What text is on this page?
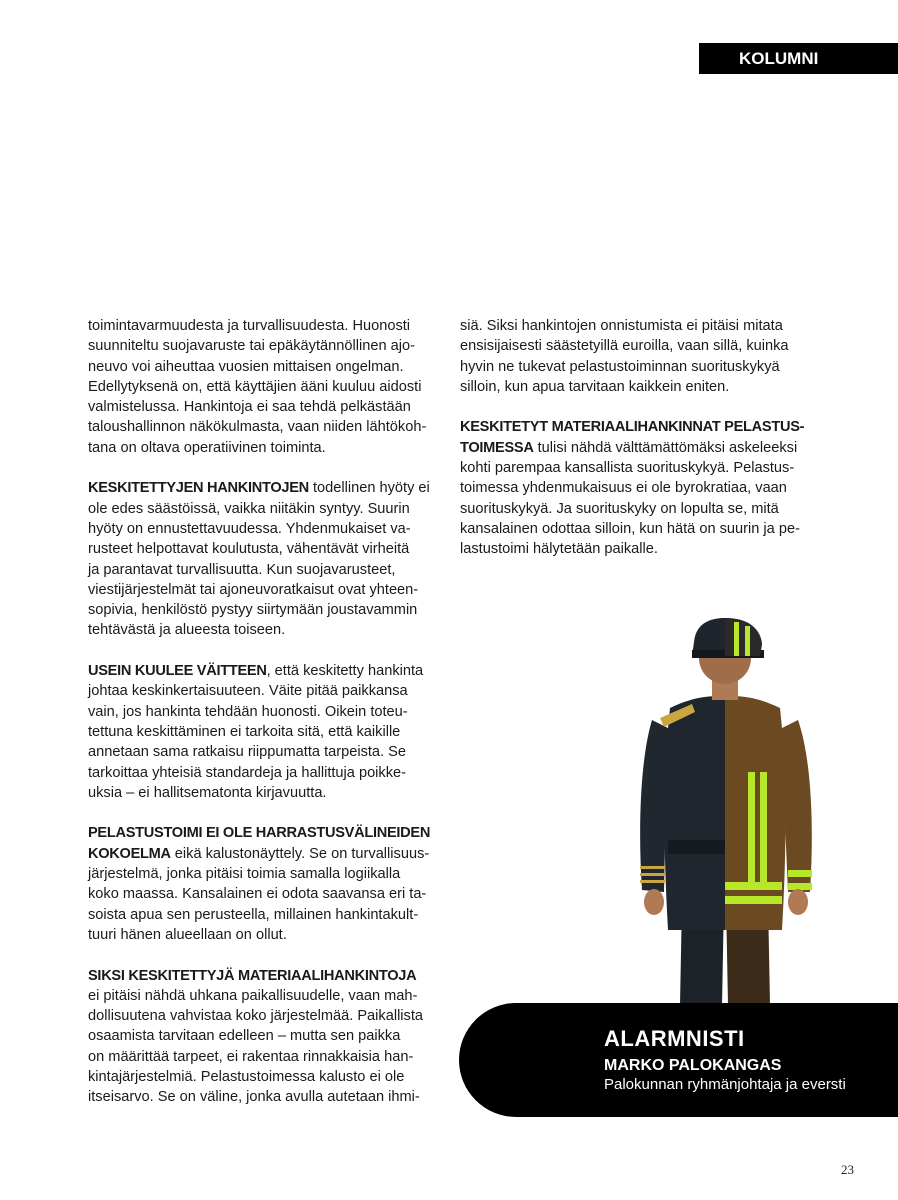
KOLUMNI

toimintavarmuudesta ja turvallisuudesta. Huonosti
suunniteltu suojavaruste tai epäkäytännöllinen ajo-
neuvo voi aiheuttaa vuosien mittaisen ongelman.
Edellytyksenä on, että käyttäjien ääni kuuluu aidosti
valmistelussa. Hankintoja ei saa tehdä pelkästään
taloushallinnon näkökulmasta, vaan niiden lähtökoh-
tana on oltava operatiivinen toiminta.

KESKITETTYJEN HANKINTOJEN todellinen hyöty ei
ole edes säästöissä, vaikka niitäkin syntyy. Suurin
hyöty on ennustettavuudessa. Yhdenmukaiset va-
rusteet helpottavat koulutusta, vähentävät virheitä
ja parantavat turvallisuutta. Kun suojavarusteet,
viestijärjestelmät tai ajoneuvoratkaisut ovat yhteen-
sopivia, henkilöstö pystyy siirtymään joustavammin
tehtävästä ja alueesta toiseen.

USEIN KUULEE VÄITTEEN, että keskitetty hankinta
johtaa keskinkertaisuuteen. Väite pitää paikkansa
vain, jos hankinta tehdään huonosti. Oikein toteu-
tettuna keskittäminen ei tarkoita sitä, että kaikille
annetaan sama ratkaisu riippumatta tarpeista. Se
tarkoittaa yhteisiä standardeja ja hallittuja poikke-
uksia – ei hallitsematonta kirjavuutta.

PELASTUSTOIMI EI OLE HARRASTUSVÄLINEIDEN
KOKOELMA eikä kalustonäyttely. Se on turvallisuus-
järjestelmä, jonka pitäisi toimia samalla logiikalla
koko maassa. Kansalainen ei odota saavansa eri ta-
soista apua sen perusteella, millainen hankintakult-
tuuri hänen alueellaan on ollut.

SIKSI KESKITETTYJÄ MATERIAALIHANKINTOJA
ei pitäisi nähdä uhkana paikallisuudelle, vaan mah-
dollisuutena vahvistaa koko järjestelmää. Paikallista
osaamista tarvitaan edelleen – mutta sen paikka
on määrittää tarpeet, ei rakentaa rinnakkaisia han-
kintajärjestelmiä. Pelastustoimessa kalusto ei ole
itseisarvo. Se on väline, jonka avulla autetaan ihmi-

siä. Siksi hankintojen onnistumista ei pitäisi mitata
ensisijaisesti säästetyillä euroilla, vaan sillä, kuinka
hyvin ne tukevat pelastustoiminnan suorituskykyä
silloin, kun apua tarvitaan kaikkein eniten.

KESKITETYT MATERIAALIHANKINNAT PELASTUS-
TOIMESSA tulisi nähdä välttämättömäksi askeleeksi
kohti parempaa kansallista suorituskykyä. Pelastus-
toimessa yhdenmukaisuus ei ole byrokratiaa, vaan
suorituskykyä. Ja suorituskyky on lopulta se, mitä
kansalainen odottaa silloin, kun hätä on suurin ja pe-
lastustoimi hälytetään paikalle.

ALARMNISTI
MARKO PALOKANGAS
Palokunnan ryhmänjohtaja ja eversti
23
